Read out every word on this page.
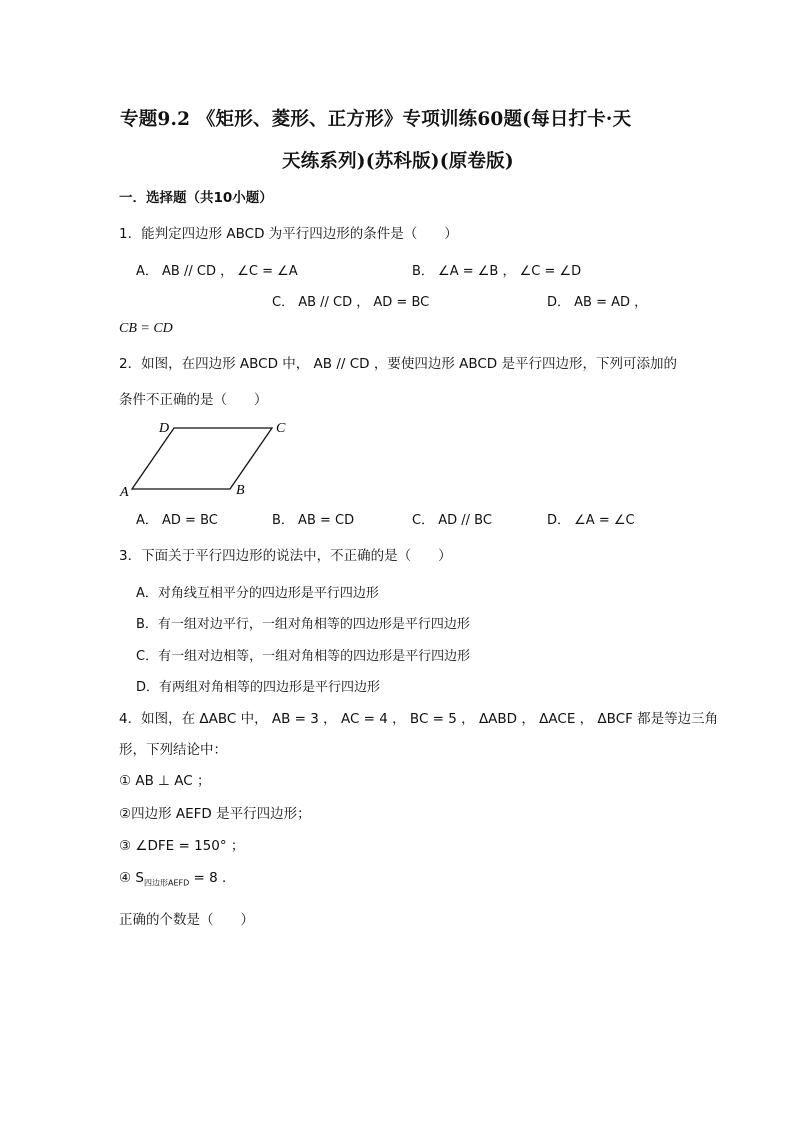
专题9.2 《矩形、菱形、正方形》专项训练60题(每日打卡·天
天练系列)(苏科版)(原卷版)
一．选择题（共10小题）
1．能判定四边形 ABCD 为平行四边形的条件是（　　）
A． AB // CD ， ∠C = ∠A	B． ∠A = ∠B ， ∠C = ∠D
C． AB // CD ， AD = BC	D． AB = AD ，
CB = CD
2．如图，在四边形 ABCD 中， AB // CD ，要使四边形 ABCD 是平行四边形，下列可添加的
条件不正确的是（　　）
A	B
C
D
A． AD = BC	B． AB = CD	C． AD // BC	D． ∠A = ∠C
3．下面关于平行四边形的说法中，不正确的是（　　）
A．对角线互相平分的四边形是平行四边形
B．有一组对边平行，一组对角相等的四边形是平行四边形
C．有一组对边相等，一组对角相等的四边形是平行四边形
D．有两组对角相等的四边形是平行四边形
4．如图，在 ΔABC 中， AB = 3 ， AC = 4 ， BC = 5 ， ΔABD ， ΔACE ， ΔBCF 都是等边三角
形，下列结论中：
① AB ⊥ AC ；
②四边形 AEFD 是平行四边形；
③ ∠DFE = 150° ；
④ $S_{四边形AEFD} = 8$ ．
正确的个数是（　　）
